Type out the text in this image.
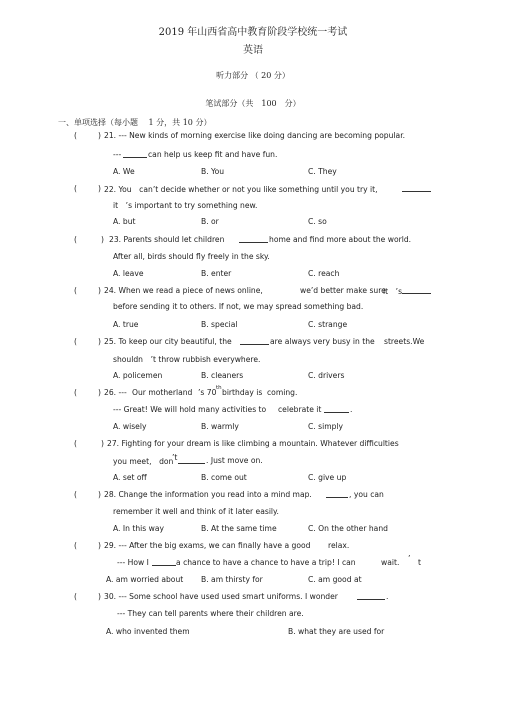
2019 年山西省高中教育阶段学校统一考试
英语
听力部分 （ 20 分）
笔试部分（共　100　分）
一、单项选择（每小题　 1 分，共 10 分）
(	) 21. --- New kinds of morning exercise like doing dancing are becoming popular.
---	can help us keep fit and have fun.
A. We	B. You	C. They
(	) 22. You　can’t decide whether or not you like something until you try it,
it　’s important to try something new.
A. but	B. or	C. so
(	) 23. Parents should let children	home and find more about the world.
After all, birds should fly freely in the sky.
A. leave	B. enter	C. reach
(	) 24. When we read a piece of news online,	we’d better make sure
it　’s
before sending it to others. If not, we may spread something bad.
A. true	B. special	C. strange
(	) 25. To keep our city beautiful, the	are always very busy in the streets.We
shouldn　’t throw rubbish everywhere.
A. policemen	B. cleaners	C. drivers
(	) 26. --- Our motherland ’s 70 th birthday is coming.
--- Great! We will hold many activities to celebrate it	.
A. wisely	B. warmly	C. simply
(	) 27. Fighting for your dream is like climbing a mountain. Whatever difficulties
you meet,　don
’t	. Just move on.
A. set off	B. come out	C. give up
(	) 28. Change the information you read into a mind map.	, you can
remember it well and think of it later easily.
A. In this way	B. At the same time	C. On the other hand
(	) 29. --- After the big exams, we can finally have a good relax.
--- How I	a chance to have a chance to have a trip! I can	wait. ’ t
A. am worried about B. am thirsty for	C. am good at
(	) 30. --- Some school have used used smart uniforms. I wonder	.
--- They can tell parents where their children are.
A. who invented them	B. what they are used for
